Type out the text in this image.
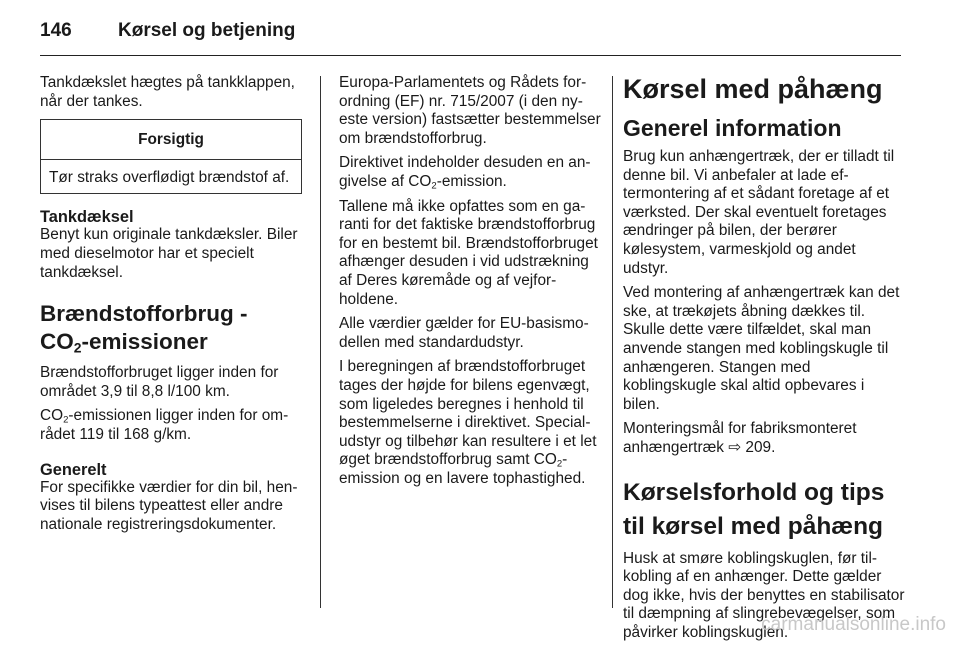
146	Kørsel og betjening

Tankdækslet hægtes på tankklappen, når der tankes.

Forsigtig
Tør straks overflødigt brændstof af.
Tankdæksel

Benyt kun originale tankdæksler. Biler med dieselmotor har et specielt tankdæksel.

Brændstofforbrug -
$CO_2$-emissioner

Brændstofforbruget ligger inden for området 3,9 til 8,8 l/100 km.

$CO_2$-emissionen ligger inden for området 119 til 168 g/km.

Generelt

For specifikke værdier for din bil, henvises til bilens typeattest eller andre nationale registreringsdokumenter.

Europa-Parlamentets og Rådets forordning (EF) nr. 715/2007 (i den nyeste version) fastsætter bestemmelser om brændstofforbrug.

Direktivet indeholder desuden en angivelse af $CO_2$-emission.

Tallene må ikke opfattes som en garanti for det faktiske brændstofforbrug for en bestemt bil. Brændstofforbruget afhænger desuden i vid udstrækning af Deres køremåde og af vejforholdene.

Alle værdier gælder for EU-basismodellen med standardudstyr.

I beregningen af brændstofforbruget tages der højde for bilens egenvægt, som ligeledes beregnes i henhold til bestemmelserne i direktivet. Specialudstyr og tilbehør kan resultere i et let øget brændstofforbrug samt $CO_2$-emission og en lavere tophastighed.

Kørsel med påhæng
Generel information

Brug kun anhængertræk, der er tilladt til denne bil. Vi anbefaler at lade eftermontering af et sådant foretage af et værksted. Der skal eventuelt foretages ændringer på bilen, der berører kølesystem, varmeskjold og andet udstyr.

Ved montering af anhængertræk kan det ske, at trækøjets åbning dækkes til. Skulle dette være tilfældet, skal man anvende stangen med koblingskugle til anhængeren. Stangen med koblingskugle skal altid opbevares i bilen.

Monteringsmål for fabriksmonteret anhængertræk ⇨ 209.

Kørselsforhold og tips til kørsel med påhæng

Husk at smøre koblingskuglen, før tilkobling af en anhænger. Dette gælder dog ikke, hvis der benyttes en stabilisator til dæmpning af slingrebevægelser, som påvirker koblingskuglen.

carmanualsonline.info
